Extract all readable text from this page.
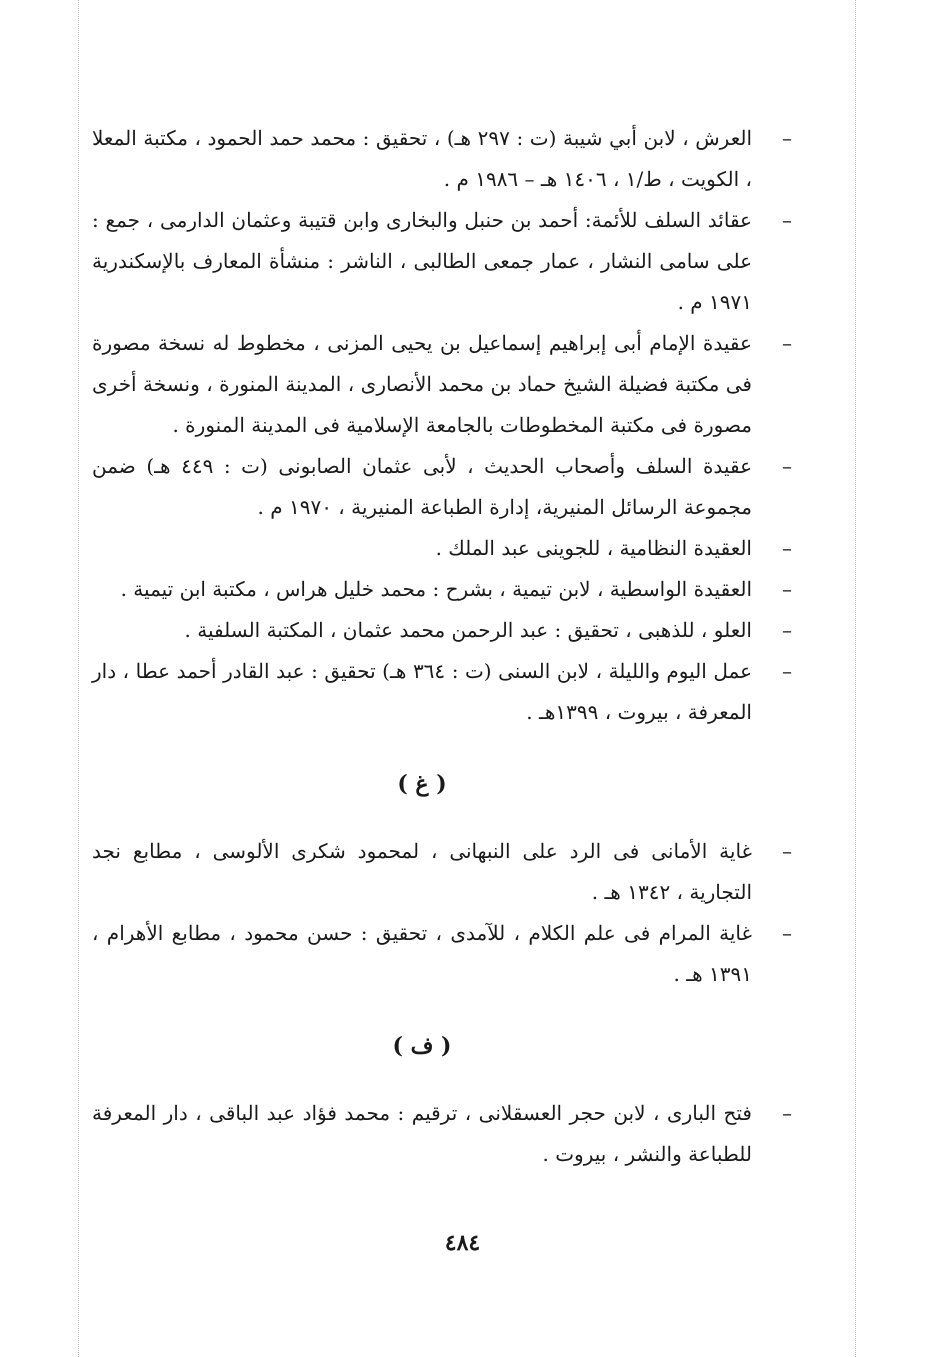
–
العرش ، لابن أبي شيبة (ت : ٢٩٧ هـ) ، تحقيق : محمد حمد الحمود ، مكتبة المعلا ، الكويت ، ط/١ ، ١٤٠٦ هـ – ١٩٨٦ م .
–
عقائد السلف للأئمة: أحمد بن حنبل والبخارى وابن قتيبة وعثمان الدارمى ، جمع : على سامى النشار ، عمار جمعى الطالبى ، الناشر : منشأة المعارف بالإسكندرية ١٩٧١ م .
–
عقيدة الإمام أبى إبراهيم إسماعيل بن يحيى المزنى ، مخطوط له نسخة مصورة فى مكتبة فضيلة الشيخ حماد بن محمد الأنصارى ، المدينة المنورة ، ونسخة أخرى مصورة فى مكتبة المخطوطات بالجامعة الإسلامية فى المدينة المنورة .
–
عقيدة السلف وأصحاب الحديث ، لأبى عثمان الصابونى (ت : ٤٤٩ هـ) ضمن مجموعة الرسائل المنيرية، إدارة الطباعة المنيرية ، ١٩٧٠ م .
–
العقيدة النظامية ، للجوينى عبد الملك .
–
العقيدة الواسطية ، لابن تيمية ، بشرح : محمد خليل هراس ، مكتبة ابن تيمية .
–
العلو ، للذهبى ، تحقيق : عبد الرحمن محمد عثمان ، المكتبة السلفية .
–
عمل اليوم والليلة ، لابن السنى (ت : ٣٦٤ هـ) تحقيق : عبد القادر أحمد عطا ، دار المعرفة ، بيروت ، ١٣٩٩هـ .
( غ )
–
غاية الأمانى فى الرد على النبهانى ، لمحمود شكرى الألوسى ، مطابع نجد التجارية ، ١٣٤٢ هـ .
–
غاية المرام فى علم الكلام ، للآمدى ، تحقيق : حسن محمود ، مطابع الأهرام ، ١٣٩١ هـ .
( ف )
–
فتح البارى ، لابن حجر العسقلانى ، ترقيم : محمد فؤاد عبد الباقى ، دار المعرفة للطباعة والنشر ، بيروت .
٤٨٤
